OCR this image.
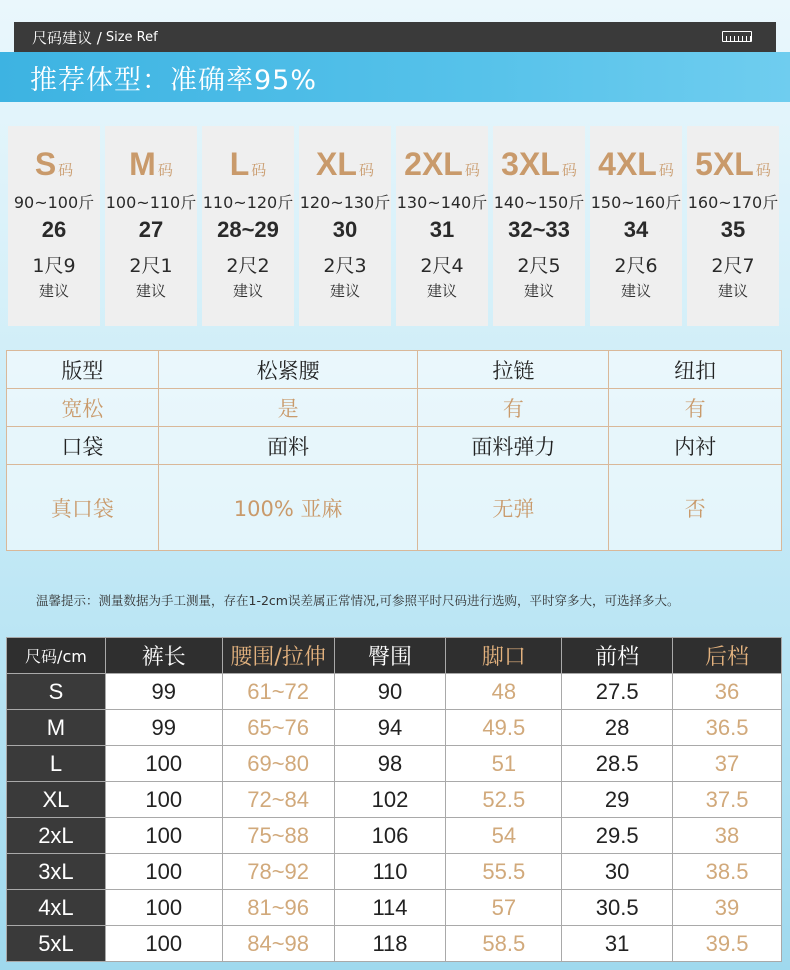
尺码建议 / Size Ref
推荐体型：准确率95%
S码
90~100斤
26
1尺9
建议
M码
100~110斤
27
2尺1
建议
L码
110~120斤
28~29
2尺2
建议
XL 码
120~130斤
30
2尺3
建议
2XL 码
130~140斤
31
2尺4
建议
3XL 码
140~150斤
32~33
2尺5
建议
4XL 码
150~160斤
34
2尺6
建议
5XL 码
160~170斤
35
2尺7
建议
版型	松紧腰	拉链	纽扣
宽松	是	有	有
口袋	面料	面料弹力	内衬
真口袋	100% 亚麻	无弹	否
温馨提示：测量数据为手工测量，存在1-2cm误差属正常情况,可参照平时尺码进行选购，平时穿多大，可选择多大。
尺码/cm	裤长	腰围/拉伸	臀围	脚口	前档	后档
S	99	61~72	90	48	27.5	36
M	99	65~76	94	49.5	28	36.5
L	100	69~80	98	51	28.5	37
XL	100	72~84	102	52.5	29	37.5
2xL	100	75~88	106	54	29.5	38
3xL	100	78~92	110	55.5	30	38.5
4xL	100	81~96	114	57	30.5	39
5xL	100	84~98	118	58.5	31	39.5
